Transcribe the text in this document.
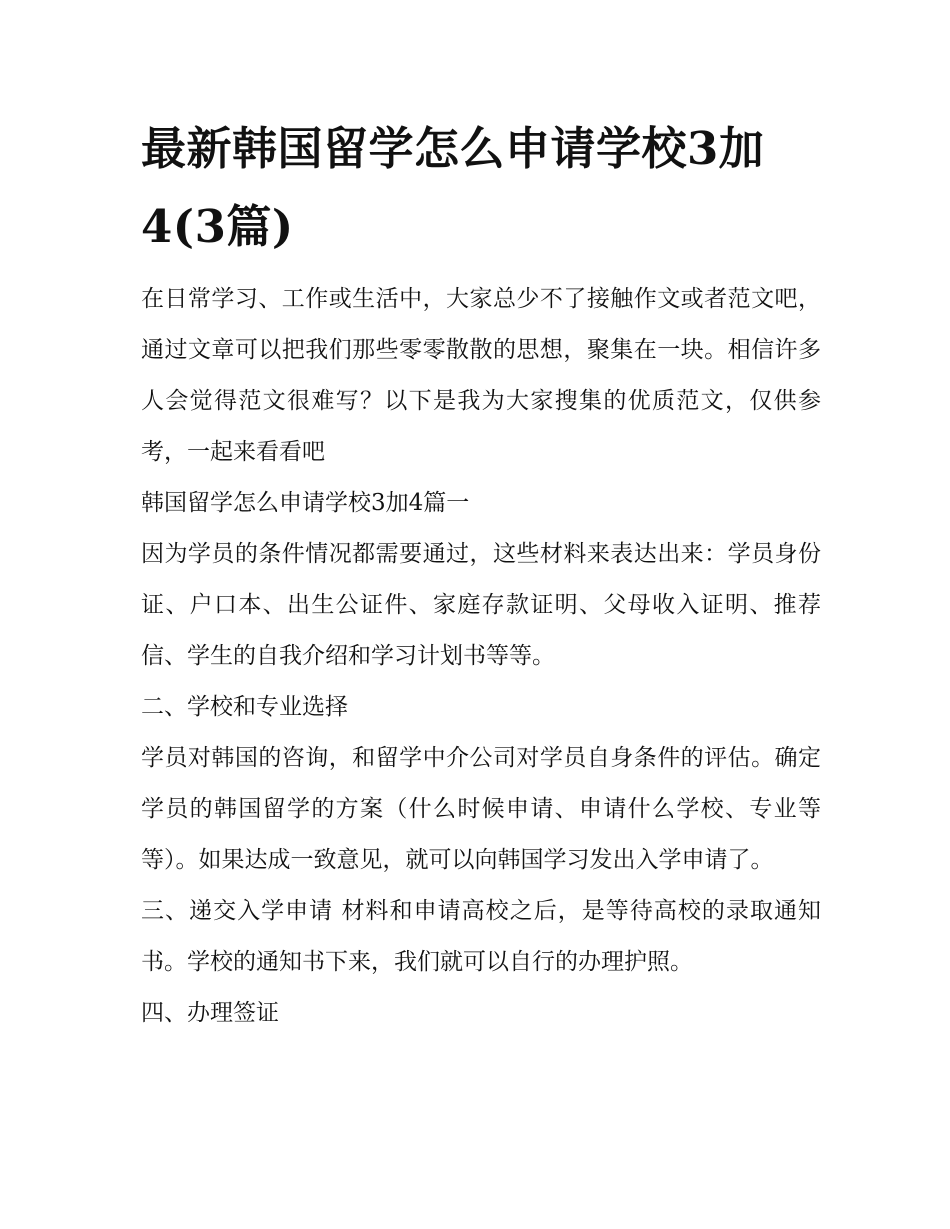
最新韩国留学怎么申请学校3加4(3篇)

在日常学习、工作或生活中，大家总少不了接触作文或者范文吧，通过文章可以把我们那些零零散散的思想，聚集在一块。相信许多人会觉得范文很难写？以下是我为大家搜集的优质范文，仅供参考，一起来看看吧

韩国留学怎么申请学校3加4篇一

因为学员的条件情况都需要通过，这些材料来表达出来：学员身份证、户口本、出生公证件、家庭存款证明、父母收入证明、推荐信、学生的自我介绍和学习计划书等等。

二、学校和专业选择

学员对韩国的咨询，和留学中介公司对学员自身条件的评估。确定学员的韩国留学的方案（什么时候申请、申请什么学校、专业等等）。如果达成一致意见，就可以向韩国学习发出入学申请了。

三、递交入学申请 材料和申请高校之后，是等待高校的录取通知书。学校的通知书下来，我们就可以自行的办理护照。

四、办理签证
